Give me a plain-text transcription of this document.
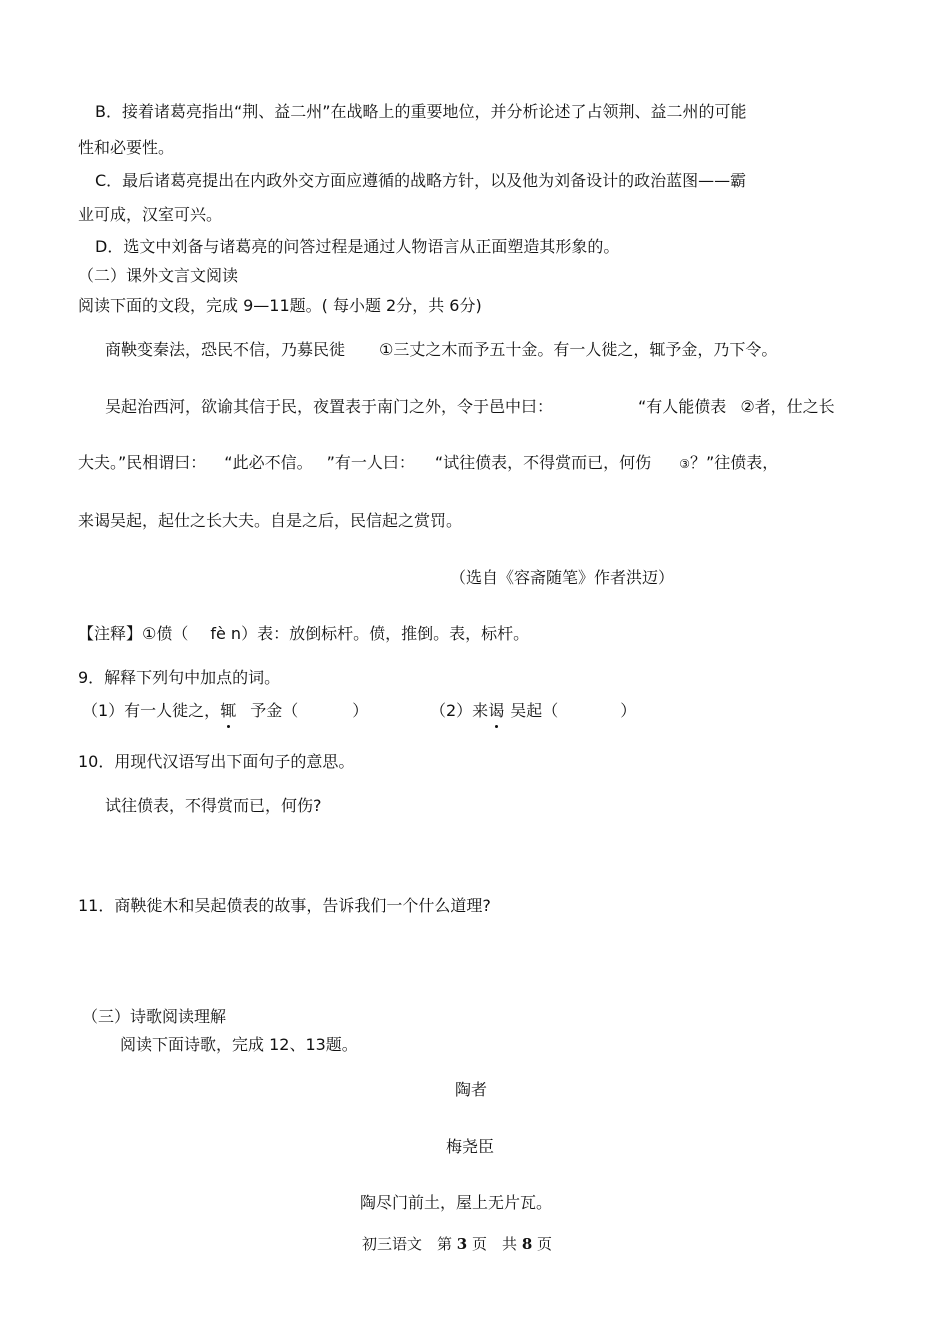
B．接着诸葛亮指出“荆、益二州”在战略上的重要地位，并分析论述了占领荆、益二州的可能
性和必要性。
C．最后诸葛亮提出在内政外交方面应遵循的战略方针，以及他为刘备设计的政治蓝图——霸
业可成，汉室可兴。
D．选文中刘备与诸葛亮的问答过程是通过人物语言从正面塑造其形象的。
（二）课外文言文阅读
阅读下面的文段，完成 9—11题。( 每小题 2分，共 6分)
商鞅变秦法，恐民不信，乃募民徙 ①三丈之木而予五十金。有一人徙之，辄予金，乃下令。
吴起治西河，欲谕其信于民，夜置表于南门之外，令于邑中曰：	“有人能偾表 ②者，仕之长
大夫。”民相谓曰： “此必不信。 ”有一人曰： “试往偾表，不得赏而已，何伤 ③？”往偾表，
来谒吴起，起仕之长大夫。自是之后，民信起之赏罚。
（选自《容斋随笔》作者洪迈）
【注释】①偾（ fè n）表：放倒标杆。偾，推倒。表，标杆。
9．解释下列句中加点的词。
（1）有一人徙之，辄 予金（	）	（2）来谒 吴起（	）
10．用现代汉语写出下面句子的意思。
试往偾表，不得赏而已，何伤?
11．商鞅徙木和吴起偾表的故事，告诉我们一个什么道理?
（三）诗歌阅读理解
阅读下面诗歌，完成 12、13题。
陶者
梅尧臣
陶尽门前土，屋上无片瓦。
初三语文　第 3 页　共 8 页
